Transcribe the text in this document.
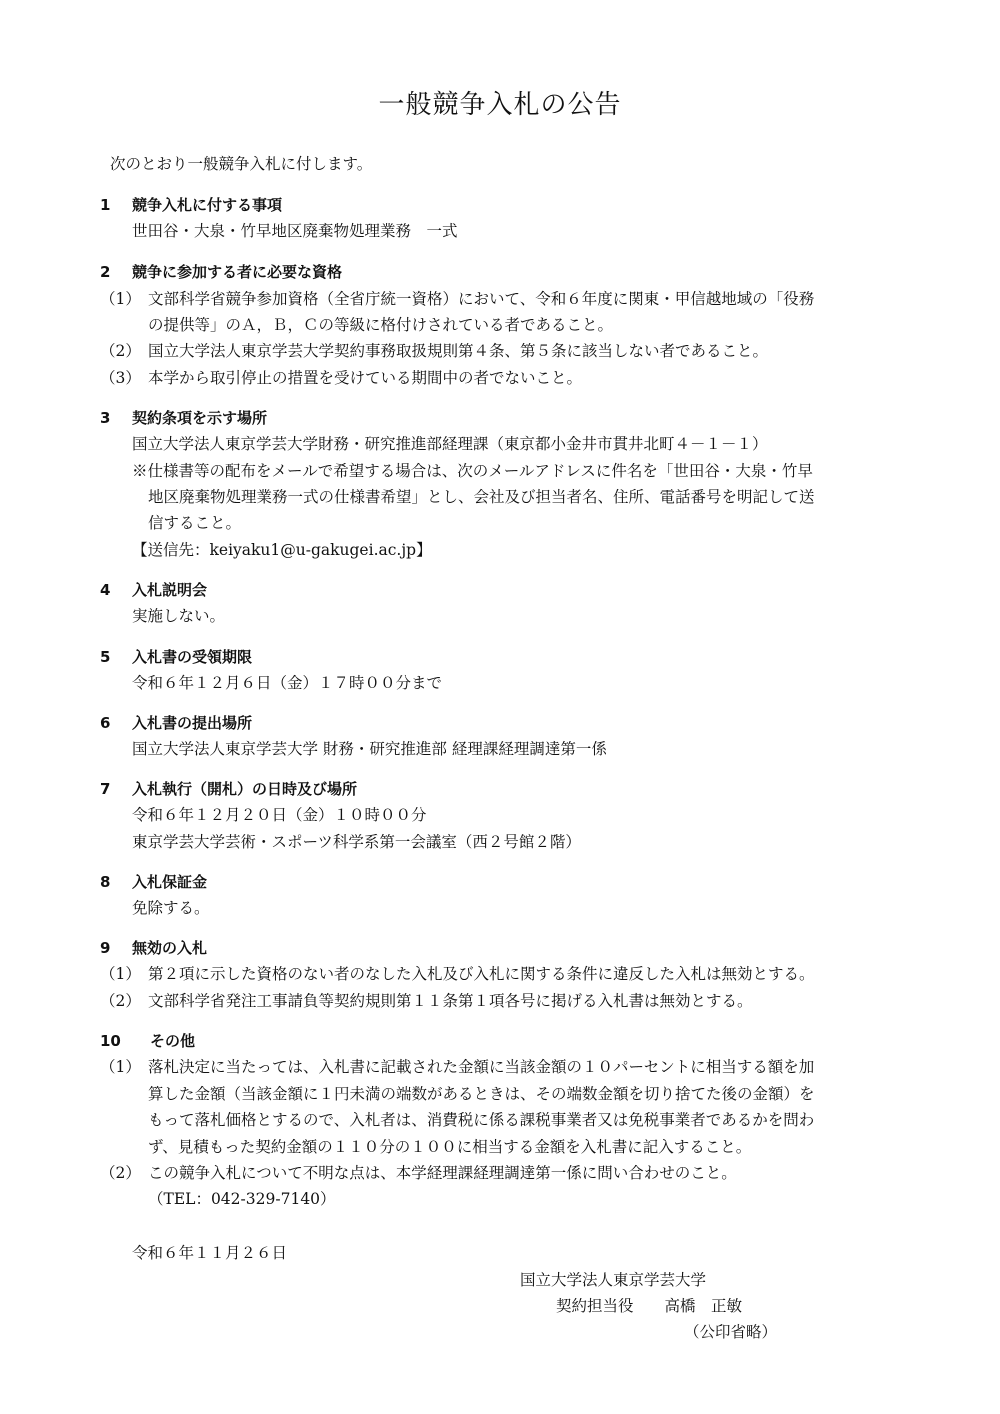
一般競争入札の公告

次のとおり一般競争入札に付します。

1 競争入札に付する事項

世田谷・大泉・竹早地区廃棄物処理業務　一式

2 競争に参加する者に必要な資格
（1） 文部科学省競争参加資格（全省庁統一資格）において、令和６年度に関東・甲信越地域の「役務

の提供等」のＡ，Ｂ，Ｃの等級に格付けされている者であること。

（2） 国立大学法人東京学芸大学契約事務取扱規則第４条、第５条に該当しない者であること。

（3） 本学から取引停止の措置を受けている期間中の者でないこと。

3 契約条項を示す場所

国立大学法人東京学芸大学財務・研究推進部経理課（東京都小金井市貫井北町４－１－１）

※仕様書等の配布をメールで希望する場合は、次のメールアドレスに件名を「世田谷・大泉・竹早

地区廃棄物処理業務一式の仕様書希望」とし、会社及び担当者名、住所、電話番号を明記して送

信すること。

【送信先：keiyaku1@u-gakugei.ac.jp】

4 入札説明会

実施しない。

5 入札書の受領期限

令和６年１２月６日（金）１７時００分まで

6 入札書の提出場所

国立大学法人東京学芸大学 財務・研究推進部 経理課経理調達第一係

7 入札執行（開札）の日時及び場所

令和６年１２月２０日（金）１０時００分

東京学芸大学芸術・スポーツ科学系第一会議室（西２号館２階）

8 入札保証金

免除する。

9 無効の入札
（1） 第２項に示した資格のない者のなした入札及び入札に関する条件に違反した入札は無効とする。

（2） 文部科学省発注工事請負等契約規則第１１条第１項各号に掲げる入札書は無効とする。

10 その他
（1） 落札決定に当たっては、入札書に記載された金額に当該金額の１０パーセントに相当する額を加

算した金額（当該金額に１円未満の端数があるときは、その端数金額を切り捨てた後の金額）を

もって落札価格とするので、入札者は、消費税に係る課税事業者又は免税事業者であるかを問わ

ず、見積もった契約金額の１１０分の１００に相当する金額を入札書に記入すること。

（2） この競争入札について不明な点は、本学経理課経理調達第一係に問い合わせのこと。

（TEL：042-329-7140）

令和６年１１月２６日

国立大学法人東京学芸大学

契約担当役　　高橋　正敏

（公印省略）
